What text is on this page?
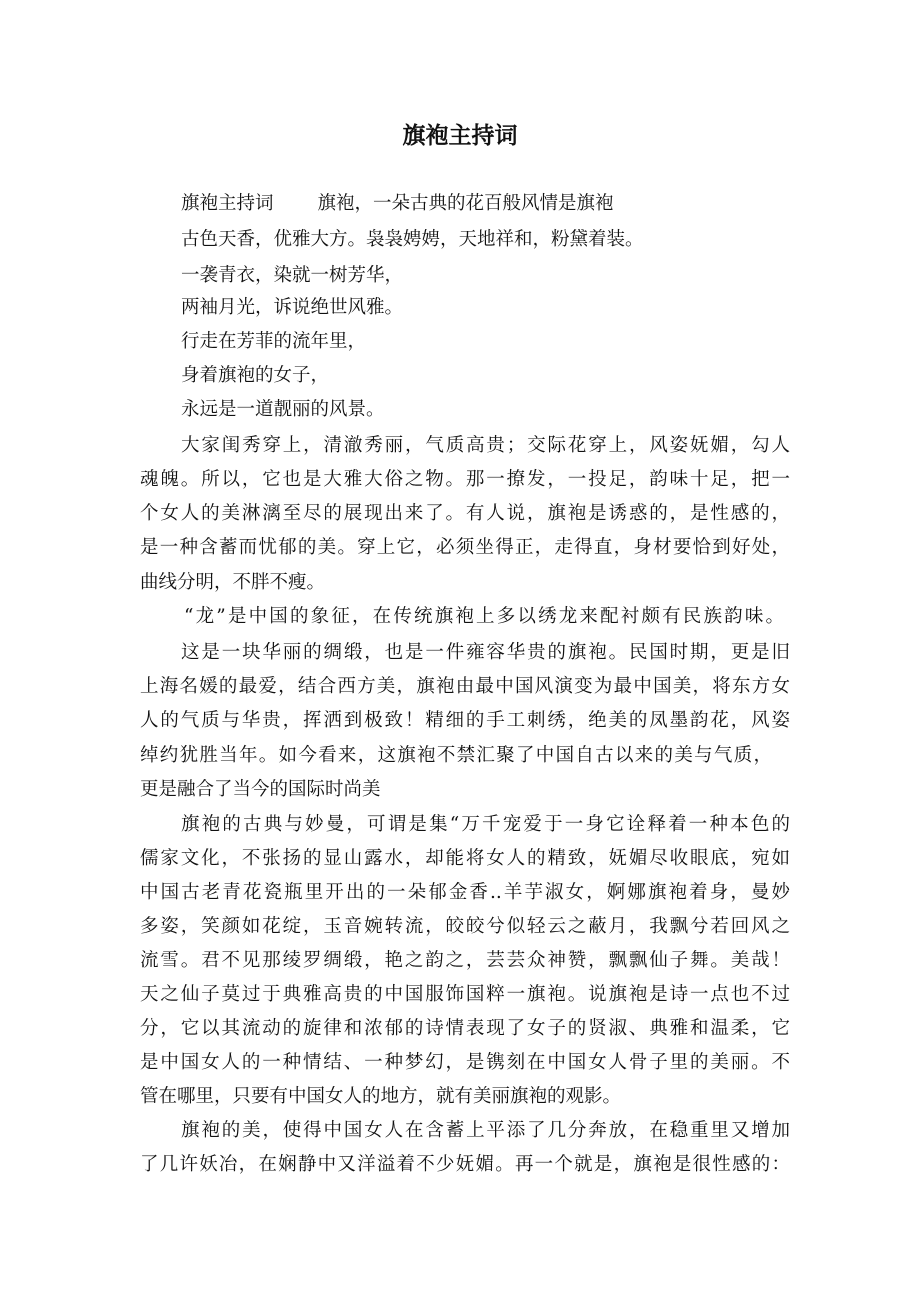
旗袍主持词

旗袍主持词 旗袍，一朵古典的花百般风情是旗袍

古色天香，优雅大方。袅袅娉娉，天地祥和，粉黛着装。

一袭青衣，染就一树芳华，

两袖月光，诉说绝世风雅。

行走在芳菲的流年里，

身着旗袍的女子，

永远是一道靓丽的风景。

大家闺秀穿上，清澈秀丽，气质高贵；交际花穿上，风姿妩媚，勾人

魂魄。所以，它也是大雅大俗之物。那一撩发，一投足，韵味十足，把一

个女人的美淋漓至尽的展现出来了。有人说，旗袍是诱惑的，是性感的，

是一种含蓄而忧郁的美。穿上它，必须坐得正，走得直，身材要恰到好处，

曲线分明，不胖不瘦。

“龙”是中国的象征，在传统旗袍上多以绣龙来配衬颇有民族韵味。

这是一块华丽的绸缎，也是一件雍容华贵的旗袍。民国时期，更是旧

上海名媛的最爱，结合西方美，旗袍由最中国风演变为最中国美，将东方女

人的气质与华贵，挥洒到极致！精细的手工刺绣，绝美的凤墨韵花，风姿

绰约犹胜当年。如今看来，这旗袍不禁汇聚了中国自古以来的美与气质，

更是融合了当今的国际时尚美

旗袍的古典与妙曼，可谓是集“万千宠爱于一身它诠释着一种本色的

儒家文化，不张扬的显山露水，却能将女人的精致，妩媚尽收眼底，宛如

中国古老青花瓷瓶里开出的一朵郁金香..羊芋淑女，婀娜旗袍着身，曼妙

多姿，笑颜如花绽，玉音婉转流，皎皎兮似轻云之蔽月，我飘兮若回风之

流雪。君不见那绫罗绸缎，艳之韵之，芸芸众神赞，飘飘仙子舞。美哉！

天之仙子莫过于典雅高贵的中国服饰国粹一旗袍。说旗袍是诗一点也不过

分，它以其流动的旋律和浓郁的诗情表现了女子的贤淑、典雅和温柔，它

是中国女人的一种情结、一种梦幻，是镌刻在中国女人骨子里的美丽。不

管在哪里，只要有中国女人的地方，就有美丽旗袍的观影。

旗袍的美，使得中国女人在含蓄上平添了几分奔放，在稳重里又增加

了几许妖冶，在娴静中又洋溢着不少妩媚。再一个就是，旗袍是很性感的：
